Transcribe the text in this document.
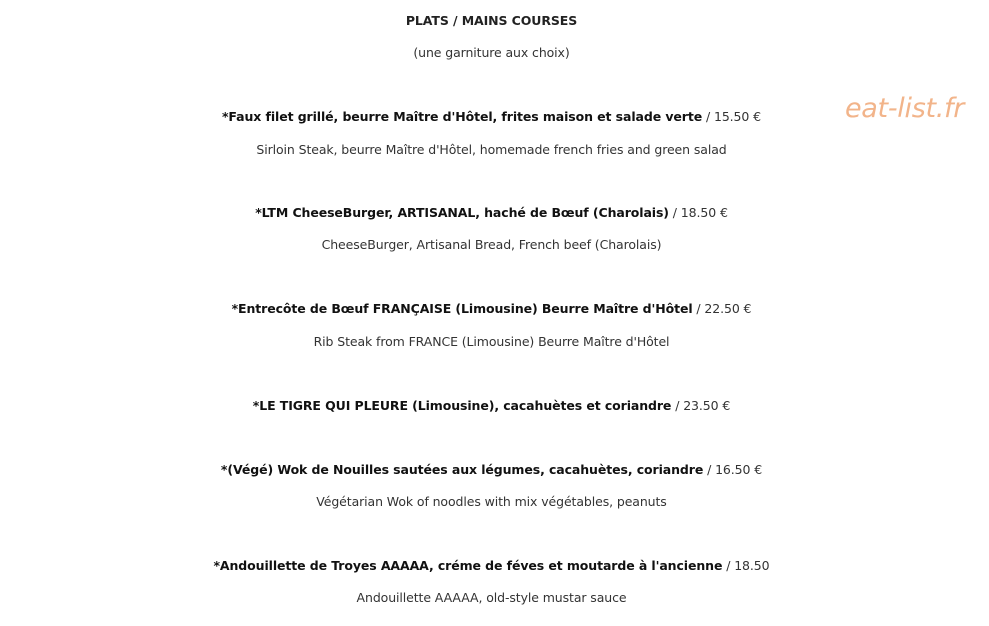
PLATS / MAINS COURSES
(une garniture aux choix)
*Faux filet grillé, beurre Maître d'Hôtel, frites maison et salade verte / 15.50 €
Sirloin Steak, beurre Maître d'Hôtel, homemade french fries and green salad
*LTM CheeseBurger, ARTISANAL, haché de Bœuf (Charolais) / 18.50 €
CheeseBurger, Artisanal Bread, French beef (Charolais)
*Entrecôte de Bœuf FRANÇAISE (Limousine) Beurre Maître d'Hôtel / 22.50 €
Rib Steak from FRANCE (Limousine) Beurre Maître d'Hôtel
*LE TIGRE QUI PLEURE (Limousine), cacahuètes et coriandre / 23.50 €
*(Végé) Wok de Nouilles sautées aux légumes, cacahuètes, coriandre / 16.50 €
Végétarian Wok of noodles with mix végétables, peanuts
*Andouillette de Troyes AAAAA, créme de féves et moutarde à l'ancienne / 18.50
Andouillette AAAAA, old-style mustar sauce
eat-list.fr
